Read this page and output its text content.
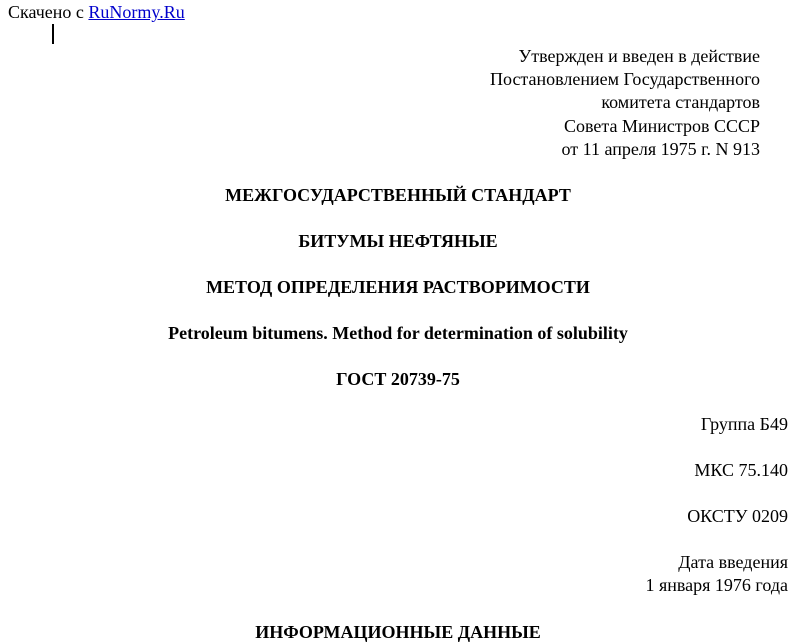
Скачено с RuNormy.Ru
Утвержден и введен в действие
Постановлением Государственного
комитета стандартов
Совета Министров СССР
от 11 апреля 1975 г. N 913
МЕЖГОСУДАРСТВЕННЫЙ СТАНДАРТ
БИТУМЫ НЕФТЯНЫЕ
МЕТОД ОПРЕДЕЛЕНИЯ РАСТВОРИМОСТИ
Petroleum bitumens. Method for determination of solubility
ГОСТ 20739-75
Группа Б49
МКС 75.140
ОКСТУ 0209
Дата введения
1 января 1976 года
ИНФОРМАЦИОННЫЕ ДАННЫЕ
